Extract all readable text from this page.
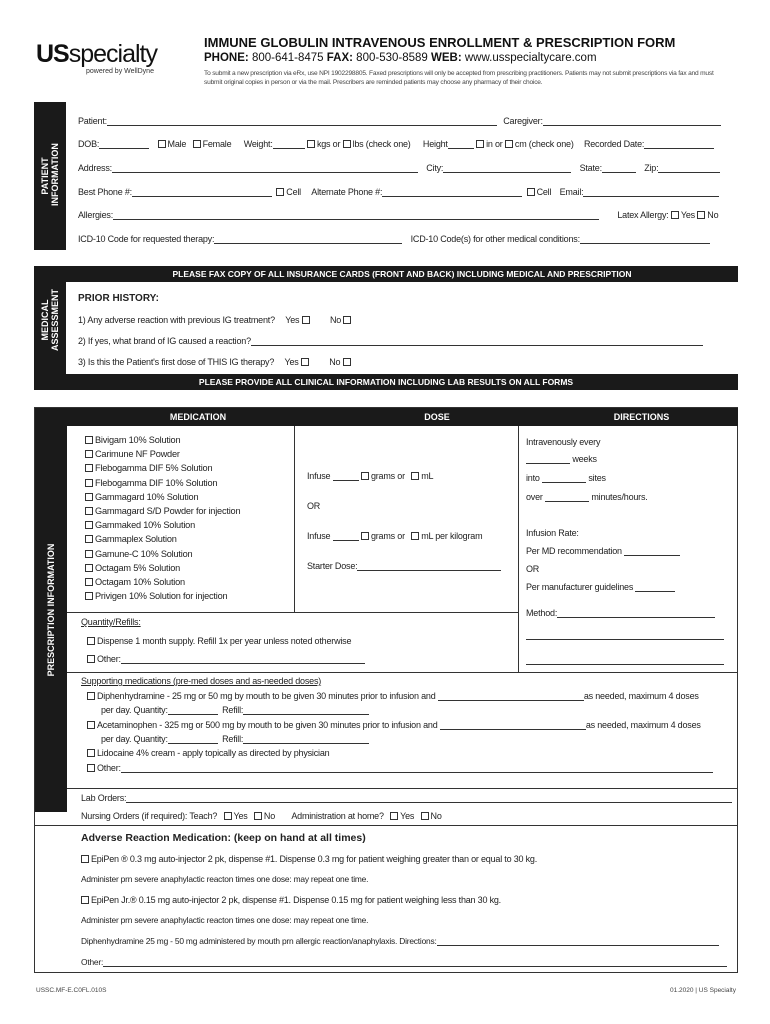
USspecialty
powered by WellDyne
IMMUNE GLOBULIN INTRAVENOUS ENROLLMENT & PRESCRIPTION FORM
PHONE: 800-641-8475 FAX: 800-530-8589 WEB: www.usspecialtycare.com
To submit a new prescription via eRx, use NPI 1902298805. Faxed prescriptions will only be accepted from prescribing practitioners. Patients may not submit prescriptions via fax and must submit original copies in person or via the mail. Prescribers are reminded patients may choose any pharmacy of their choice.
PATIENT INFORMATION
Patient:	Caregiver:
DOB:	Male Female Weight:	kgs or lbs (check one) Height	in or cm (check one) Recorded Date:
Address:	City:	State:	Zip:
Best Phone #:	Cell Alternate Phone #:	Cell Email:
Allergies:	Latex Allergy: Yes No
ICD-10 Code for requested therapy:	ICD-10 Code(s) for other medical conditions:
MEDICAL ASSESSMENT
PLEASE FAX COPY OF ALL INSURANCE CARDS (FRONT AND BACK) INCLUDING MEDICAL AND PRESCRIPTION
PRIOR HISTORY:
1) Any adverse reaction with previous IG treatment? Yes	No
2) If yes, what brand of IG caused a reaction?
3) Is this the Patient's first dose of THIS IG therapy? Yes	No
PLEASE PROVIDE ALL CLINICAL INFORMATION INCLUDING LAB RESULTS ON ALL FORMS
PRESCRIPTION INFORMATION
MEDICATION	DOSE	DIRECTIONS
Bivigam 10% Solution
Carimune NF Powder
Flebogamma DIF 5% Solution
Flebogamma DIF 10% Solution
Gammagard 10% Solution
Gammagard S/D Powder for injection
Gammaked 10% Solution
Gammaplex Solution
Gamune-C 10% Solution
Octagam 5% Solution
Octagam 10% Solution
Privigen 10% Solution for injection
Infuse	grams or mL
OR
Infuse	grams or mL per kilogram
Starter Dose:
Intravenously every
weeks
into	sites
over	minutes/hours.
Infusion Rate:
Per MD recommendation
OR
Per manufacturer guidelines
Method:
Quantity/Refills:
Dispense 1 month supply. Refill 1x per year unless noted otherwise
Other:
Supporting medications (pre-med doses and as-needed doses)
Diphenhydramine - 25 mg or 50 mg by mouth to be given 30 minutes prior to infusion and	as needed, maximum 4 doses
per day. Quantity:	Refill:
Acetaminophen - 325 mg or 500 mg by mouth to be given 30 minutes prior to infusion and	as needed, maximum 4 doses
per day. Quantity:	Refill:
Lidocaine 4% cream - apply topically as directed by physician
Other:
Lab Orders:
Nursing Orders (if required): Teach? Yes No Administration at home? Yes No
Adverse Reaction Medication: (keep on hand at all times)
EpiPen ® 0.3 mg auto-injector 2 pk, dispense #1. Dispense 0.3 mg for patient weighing greater than or equal to 30 kg.
Administer prn severe anaphylactic reacton times one dose: may repeat one time.
EpiPen Jr.® 0.15 mg auto-injector 2 pk, dispense #1. Dispense 0.15 mg for patient weighing less than 30 kg.
Administer prn severe anaphylactic reacton times one dose: may repeat one time.
Diphenhydramine 25 mg - 50 mg administered by mouth prn allergic reaction/anaphylaxis. Directions:
Other:
USSC.MF-E.C0FL.010S	01.2020 | US Specialty
